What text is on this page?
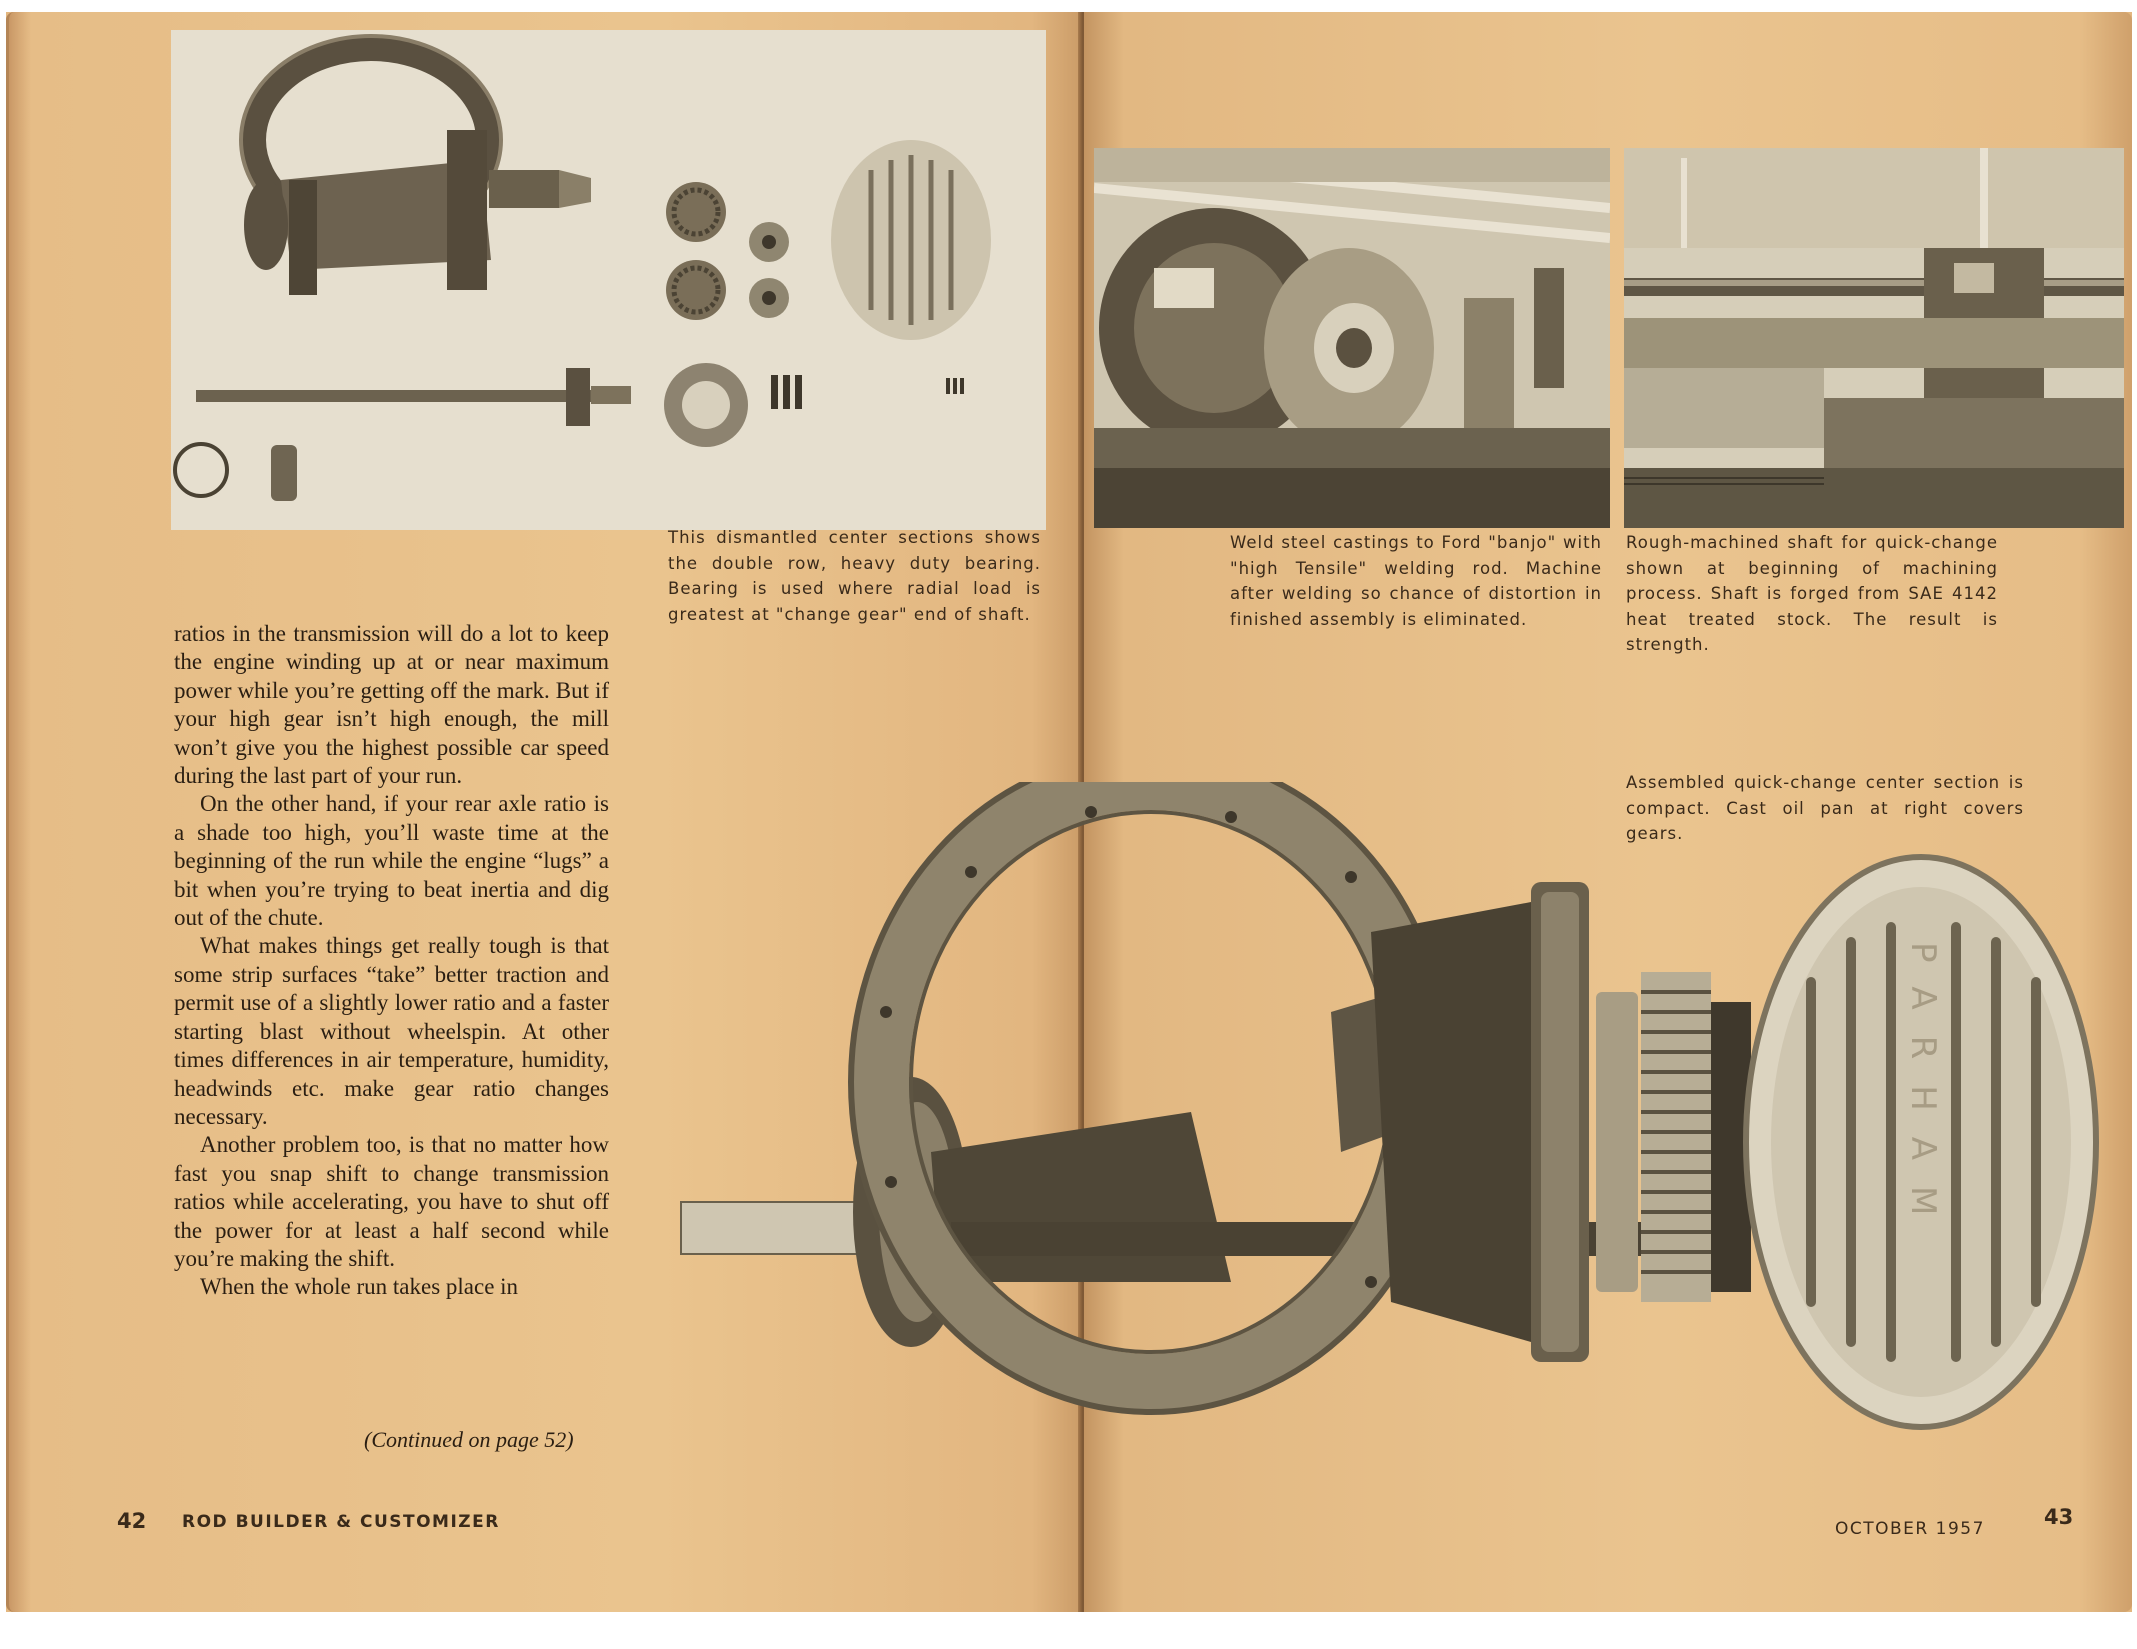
This dismantled center sections shows the double row, heavy duty bearing. Bearing is used where radial load is greatest at "change gear" end of shaft.

ratios in the transmission will do a lot to keep the engine winding up at or near maximum power while you’re getting off the mark. But if your high gear isn’t high enough, the mill won’t give you the highest possible car speed during the last part of your run.

On the other hand, if your rear axle ratio is a shade too high, you’ll waste time at the beginning of the run while the engine “lugs” a bit when you’re trying to beat inertia and dig out of the chute.

What makes things get really tough is that some strip surfaces “take” better traction and permit use of a slightly lower ratio and a faster starting blast without wheelspin. At other times differences in air temperature, humidity, headwinds etc. make gear ratio changes necessary.

Another problem too, is that no matter how fast you snap shift to change transmission ratios while accelerating, you have to shut off the power for at least a half second while you’re making the shift.

When the whole run takes place in

(Continued on page 52)
42 ROD BUILDER & CUSTOMIZER
Weld steel castings to Ford "banjo" with "high Tensile" welding rod. Machine after welding so chance of distortion in finished assembly is eliminated.
Rough-machined shaft for quick-change shown at beginning of machining process. Shaft is forged from SAE 4142 heat treated stock. The result is strength.
Assembled quick-change center section is compact. Cast oil pan at right covers gears.
43
OCTOBER 1957
PARHAM
